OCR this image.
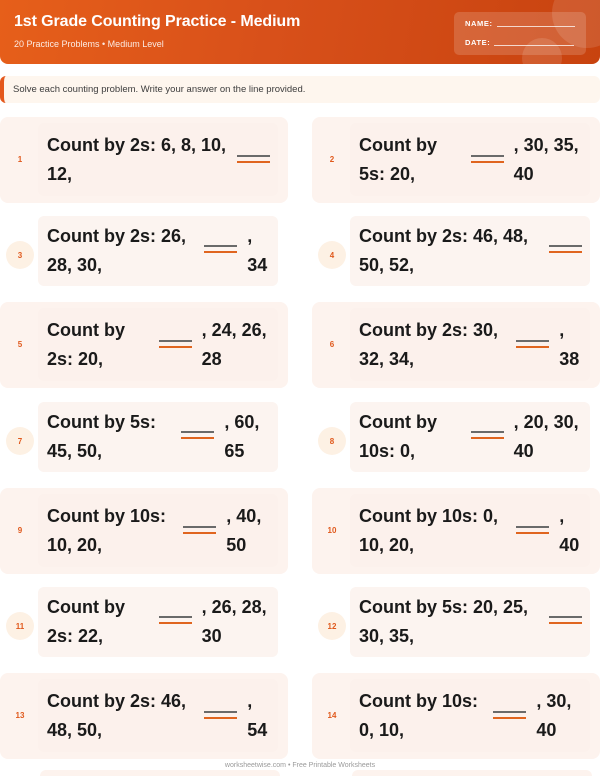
1st Grade Counting Practice - Medium
20 Practice Problems • Medium Level
NAME:
DATE:
Solve each counting problem. Write your answer on the line provided.
1
Count by 2s: 6, 8, 10, 12,
2
Count by 5s: 20,
, 30, 35, 40
3
Count by 2s: 26, 28, 30,
, 34	4
Count by 2s: 46, 48, 50, 52,
5
Count by 2s: 20,
, 24, 26, 28
6
Count by 2s: 30, 32, 34,
, 38
7
Count by 5s: 45, 50,
, 60, 65	8
Count by 10s: 0,
, 20, 30, 40
9
Count by 10s: 10, 20,
, 40, 50
10
Count by 10s: 0, 10, 20,
, 40
11
Count by 2s: 22,
, 26, 28, 30	12
Count by 5s: 20, 25, 30, 35,
13
Count by 2s: 46, 48, 50,
, 54
14
Count by 10s: 0, 10,
, 30, 40
worksheetwise.com • Free Printable Worksheets
